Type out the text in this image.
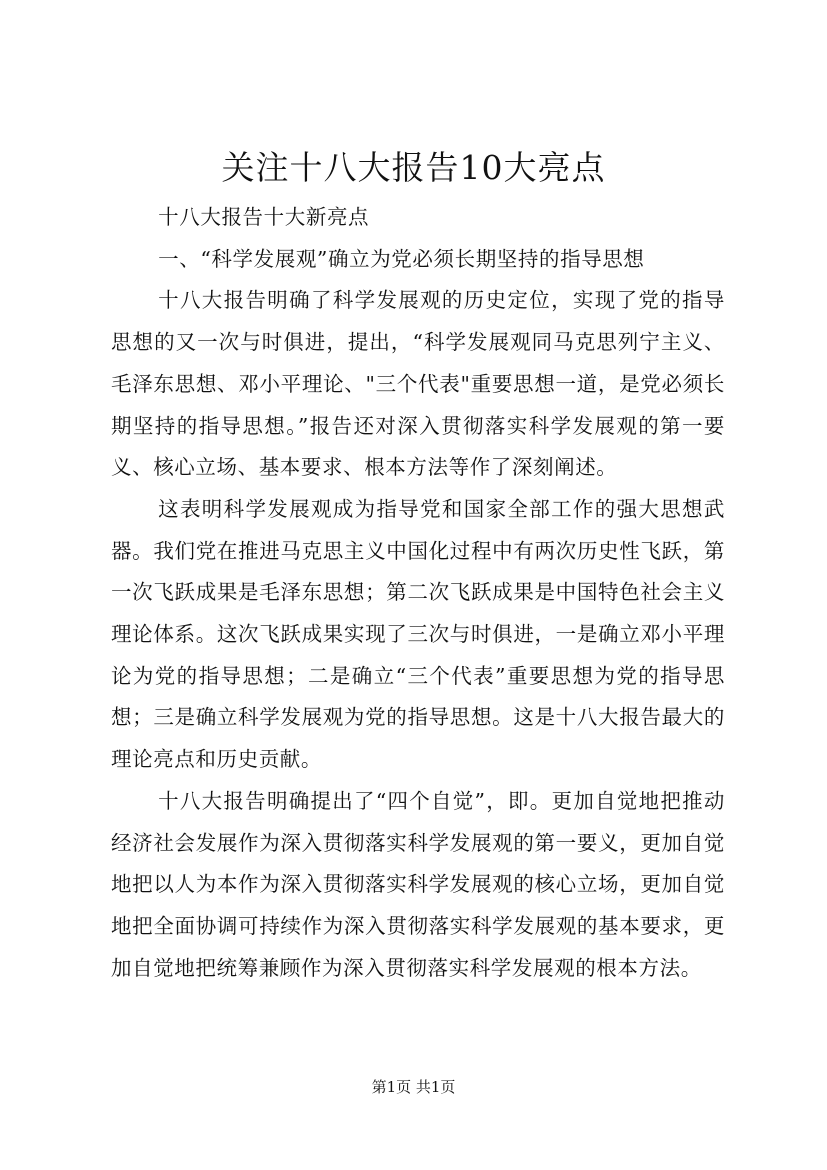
关注十八大报告10大亮点

十八大报告十大新亮点

一、“科学发展观”确立为党必须长期坚持的指导思想

十八大报告明确了科学发展观的历史定位，实现了党的指导思想的又一次与时俱进，提出，“科学发展观同马克思列宁主义、毛泽东思想、邓小平理论、"三个代表"重要思想一道，是党必须长期坚持的指导思想。”报告还对深入贯彻落实科学发展观的第一要义、核心立场、基本要求、根本方法等作了深刻阐述。

这表明科学发展观成为指导党和国家全部工作的强大思想武器。我们党在推进马克思主义中国化过程中有两次历史性飞跃，第一次飞跃成果是毛泽东思想；第二次飞跃成果是中国特色社会主义理论体系。这次飞跃成果实现了三次与时俱进，一是确立邓小平理论为党的指导思想；二是确立“三个代表”重要思想为党的指导思想；三是确立科学发展观为党的指导思想。这是十八大报告最大的理论亮点和历史贡献。

十八大报告明确提出了“四个自觉”，即。更加自觉地把推动经济社会发展作为深入贯彻落实科学发展观的第一要义，更加自觉地把以人为本作为深入贯彻落实科学发展观的核心立场，更加自觉地把全面协调可持续作为深入贯彻落实科学发展观的基本要求，更加自觉地把统筹兼顾作为深入贯彻落实科学发展观的根本方法。

第1页 共1页
